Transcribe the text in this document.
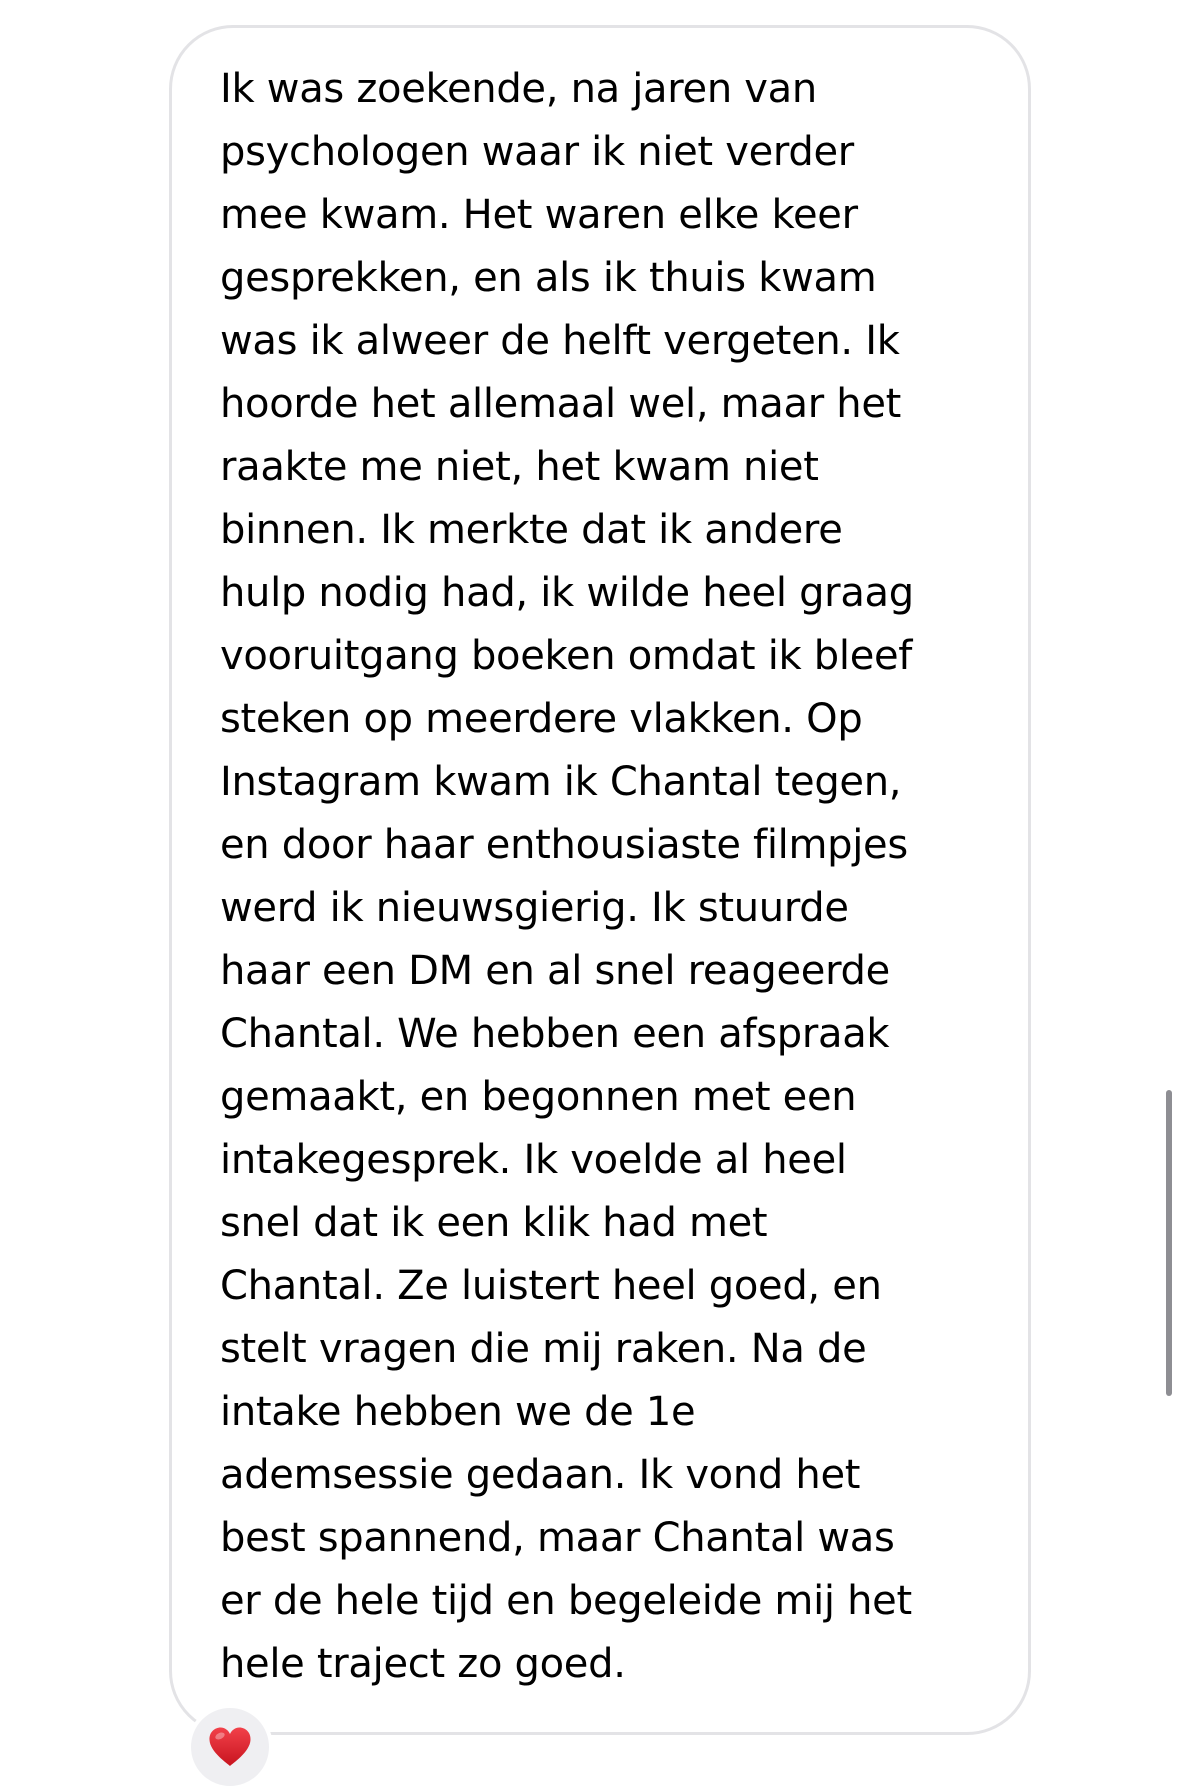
Ik was zoekende, na jaren van
psychologen waar ik niet verder
mee kwam. Het waren elke keer
gesprekken, en als ik thuis kwam
was ik alweer de helft vergeten. Ik
hoorde het allemaal wel, maar het
raakte me niet, het kwam niet
binnen. Ik merkte dat ik andere
hulp nodig had, ik wilde heel graag
vooruitgang boeken omdat ik bleef
steken op meerdere vlakken. Op
Instagram kwam ik Chantal tegen,
en door haar enthousiaste filmpjes
werd ik nieuwsgierig. Ik stuurde
haar een DM en al snel reageerde
Chantal. We hebben een afspraak
gemaakt, en begonnen met een
intakegesprek. Ik voelde al heel
snel dat ik een klik had met
Chantal. Ze luistert heel goed, en
stelt vragen die mij raken. Na de
intake hebben we de 1e
ademsessie gedaan. Ik vond het
best spannend, maar Chantal was
er de hele tijd en begeleide mij het
hele traject zo goed.
